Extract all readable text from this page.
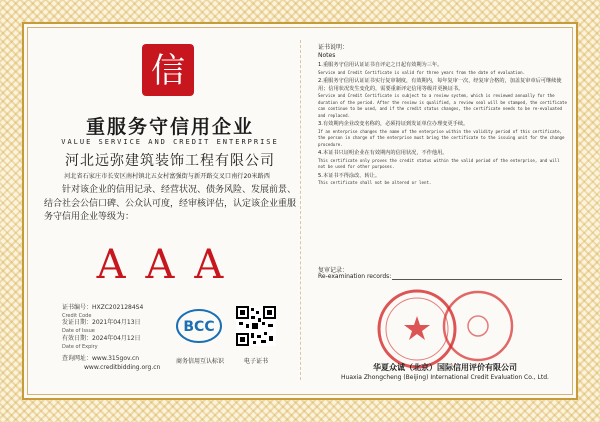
信
重服务守信用企业
VALUE SERVICE AND CREDIT ENTERPRISE
河北远弥建筑装饰工程有限公司
河北省石家庄市长安区南村镇北五女村富强街与新开路交叉口南行20米路西
针对该企业的信用记录、经营状况、债务风险、发展前景、结合社会公信口碑、公众认可度，经审核评估，认定该企业重服务守信用企业等级为：
AAA
证书编号：HXZC2021284S4
Credit Code
发证日期：2021年04月13日
Date of Issue
有效日期：2024年04月12日
Date of Expiry
查询网址：www.315gov.cn
www.creditbidding.org.cn
BCC
商务信用互认标识	电子证书
证书说明：
Notes

1.重服务守信用认证证书自评定之日起有效期为三年。

Service and Credit Certificate is valid for three years from the date of evaluation.

2.重服务守信用认证证书实行复审制度，有效期内，每年复审一次，经复审合格的，加盖复审章后可继续使用；信用状况发生变化的，需要重新评定信用等级并更换证书。

Service and Credit Certificate is subject to a review system, which is reviewed annually for the duration of the period. After the review is qualified, a review seal will be stamped, the certificate can continue to be used, and if the credit status changes, the certificate needs to be re-evaluated and replaced.

3.有效期内企业改变名称的，必须持证到发证单位办理变更手续。

If an enterprise changes the name of the enterprise within the validity period of this certificate, the person in charge of the enterprise must bring the certificate to the issuing unit for the change procedure.

4.本证书只证明企业在有效期内的信用状况，不作他用。

This certificate only proves the credit status within the valid period of the enterprise, and will not be used for other purposes.

5.本证书不得涂改、转让。

This certificate shall not be altered or lent.

复审记录：
Re-examination records:
华夏众诚（北京）国际信用评价有限公司
Huaxia Zhongcheng (Beijing) International Credit Evaluation Co., Ltd.
